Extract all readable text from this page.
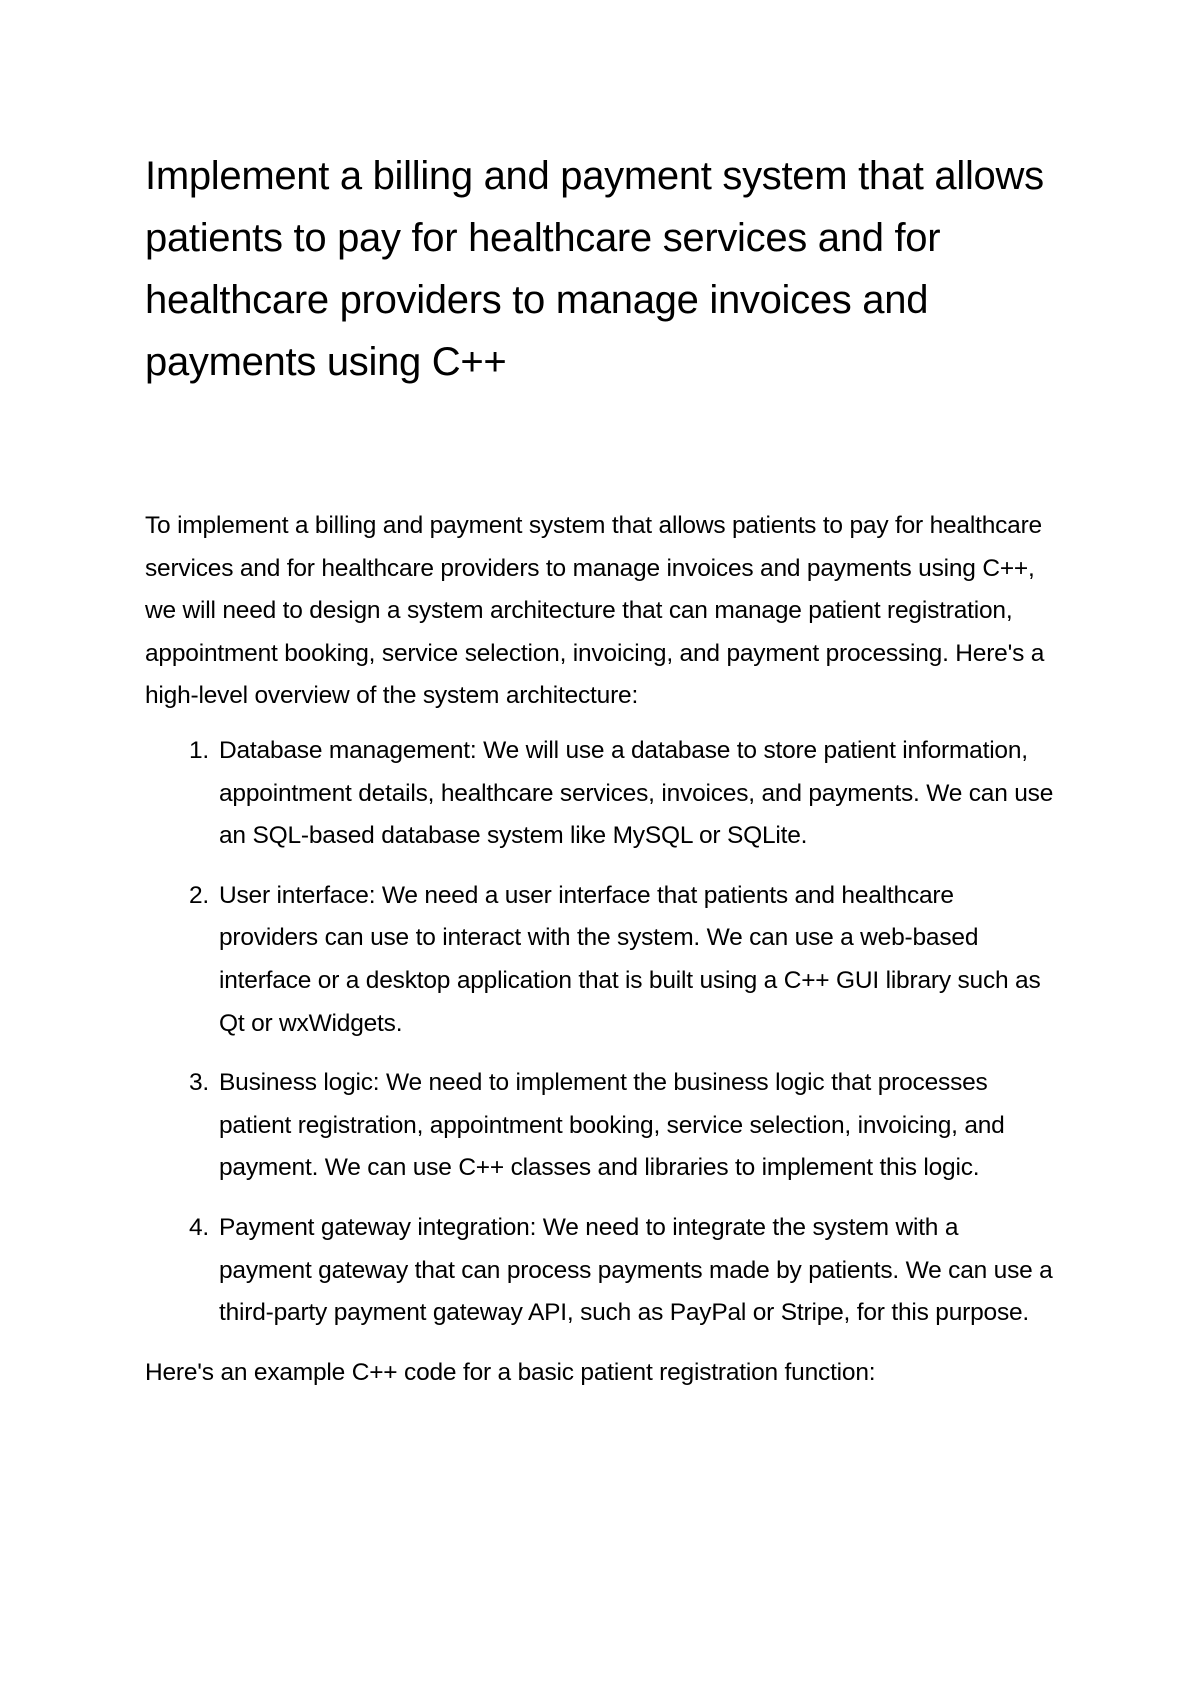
Implement a billing and payment system that allows patients to pay for healthcare services and for healthcare providers to manage invoices and payments using C++

To implement a billing and payment system that allows patients to pay for healthcare services and for healthcare providers to manage invoices and payments using C++, we will need to design a system architecture that can manage patient registration, appointment booking, service selection, invoicing, and payment processing. Here's a high-level overview of the system architecture:

1. Database management: We will use a database to store patient information, appointment details, healthcare services, invoices, and payments. We can use an SQL-based database system like MySQL or SQLite.
2. User interface: We need a user interface that patients and healthcare providers can use to interact with the system. We can use a web-based interface or a desktop application that is built using a C++ GUI library such as Qt or wxWidgets.
3. Business logic: We need to implement the business logic that processes patient registration, appointment booking, service selection, invoicing, and payment. We can use C++ classes and libraries to implement this logic.
4. Payment gateway integration: We need to integrate the system with a payment gateway that can process payments made by patients. We can use a third-party payment gateway API, such as PayPal or Stripe, for this purpose.

Here's an example C++ code for a basic patient registration function:
